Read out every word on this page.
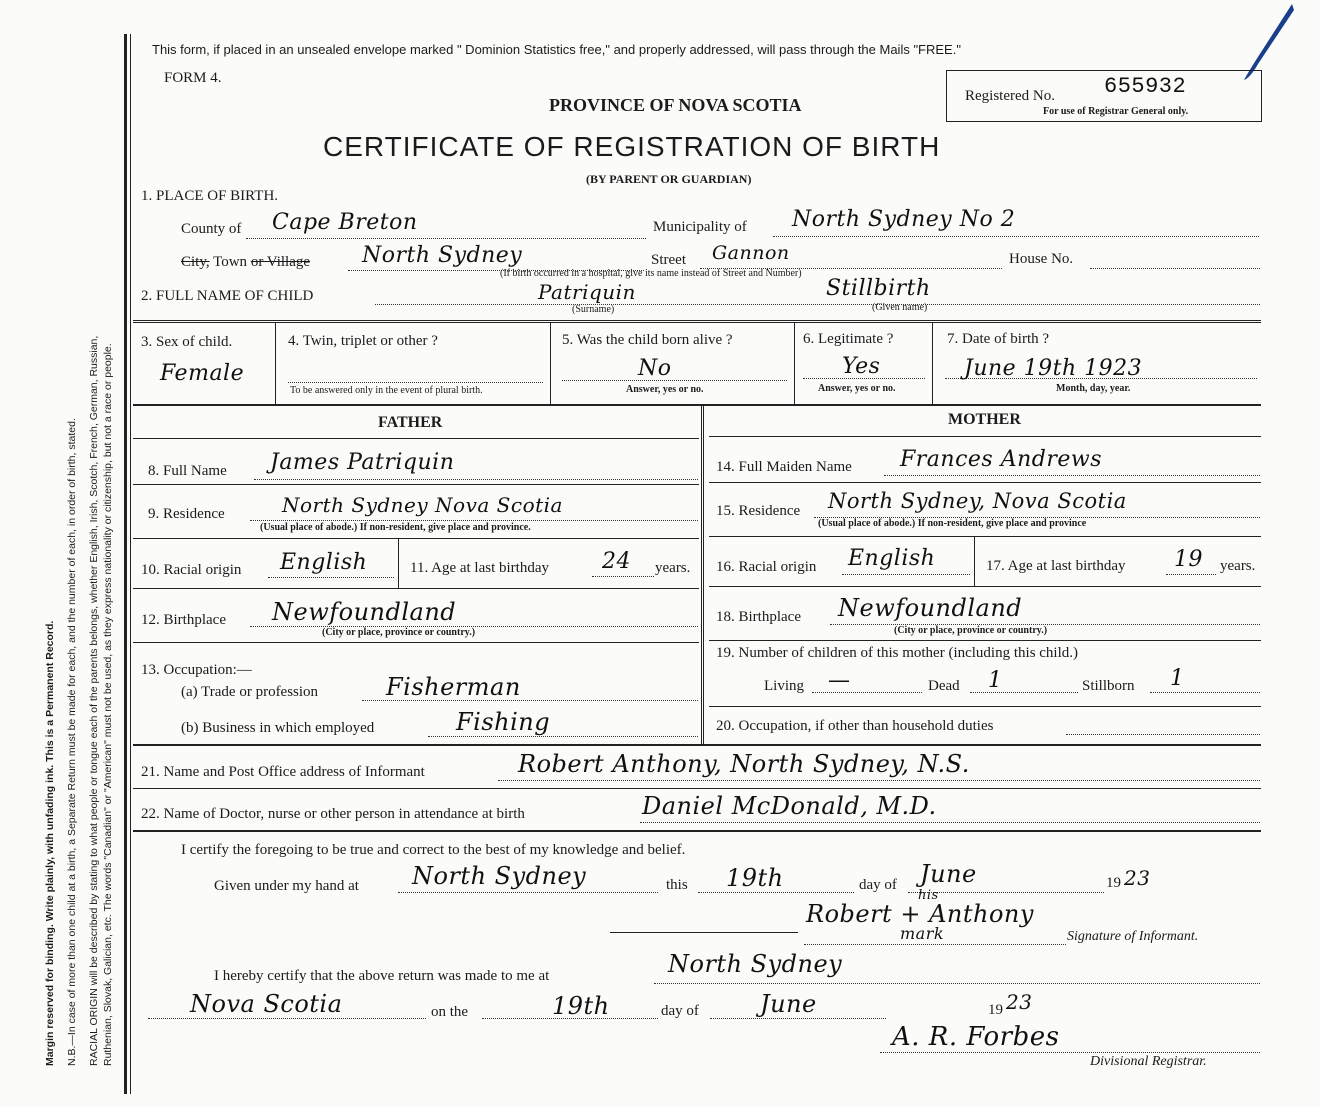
Margin reserved for binding. Write plainly, with unfading ink. This is a Permanent Record. N.B.—In case of more than one child at a birth, a Separate Return must be made for each, and the number of each, in order of birth, stated. RACIAL ORIGIN will be described by stating to what people or tongue each of the parents belongs, whether English, Irish, Scotch, French, German, Russian, Ruthenian, Slovak, Galician, etc. The words "Canadian" or "American" must not be used, as they express nationality or citizenship, but not a race or people.
This form, if placed in an unsealed envelope marked " Dominion Statistics free," and properly addressed, will pass through the Mails "FREE."
FORM 4.
PROVINCE OF NOVA SCOTIA	Registered No. 655932
For use of Registrar General only.
CERTIFICATE OF REGISTRATION OF BIRTH
(BY PARENT OR GUARDIAN)
1. PLACE OF BIRTH.
County of Cape Breton	Municipality of North Sydney No 2
City, Town or Village North Sydney	Street Gannon	House No.
(If birth occurred in a hospital, give its name instead of Street and Number)
2. FULL NAME OF CHILD	Patriquin	Stillbirth
(Surname)	(Given name)
3. Sex of child.
Female
4. Twin, triplet or other ?
To be answered only in the event of plural birth.
5. Was the child born alive ?
No
Answer, yes or no.
6. Legitimate ?
Yes
Answer, yes or no.
7. Date of birth ?
June 19th 1923
Month, day, year.
FATHER	MOTHER
8. Full Name James Patriquin
9. Residence	North Sydney Nova Scotia
(Usual place of abode.) If non-resident, give place and province.
10. Racial origin English	11. Age at last birthday 24 years.
12. Birthplace Newfoundland
(City or place, province or country.)
13. Occupation:—
(a) Trade or profession	Fisherman
(b) Business in which employed	Fishing
14. Full Maiden Name Frances Andrews
15. Residence North Sydney, Nova Scotia
(Usual place of abode.) If non-resident, give place and province
16. Racial origin English	17. Age at last birthday 19 years.
18. Birthplace Newfoundland
(City or place, province or country.)
19. Number of children of this mother (including this child.)
Living —	Dead 1	Stillborn 1
20. Occupation, if other than household duties
21. Name and Post Office address of Informant	Robert Anthony, North Sydney, N.S.
22. Name of Doctor, nurse or other person in attendance at birth	Daniel McDonald, M.D.
I certify the foregoing to be true and correct to the best of my knowledge and belief.
Given under my hand at North Sydney	this 19th	day of June	19 23
Robert + Anthony
his
mark	Signature of Informant.
I hereby certify that the above return was made to me at	North Sydney
Nova Scotia	on the	19th	day of	June	19 23
A. R. Forbes
Divisional Registrar.
